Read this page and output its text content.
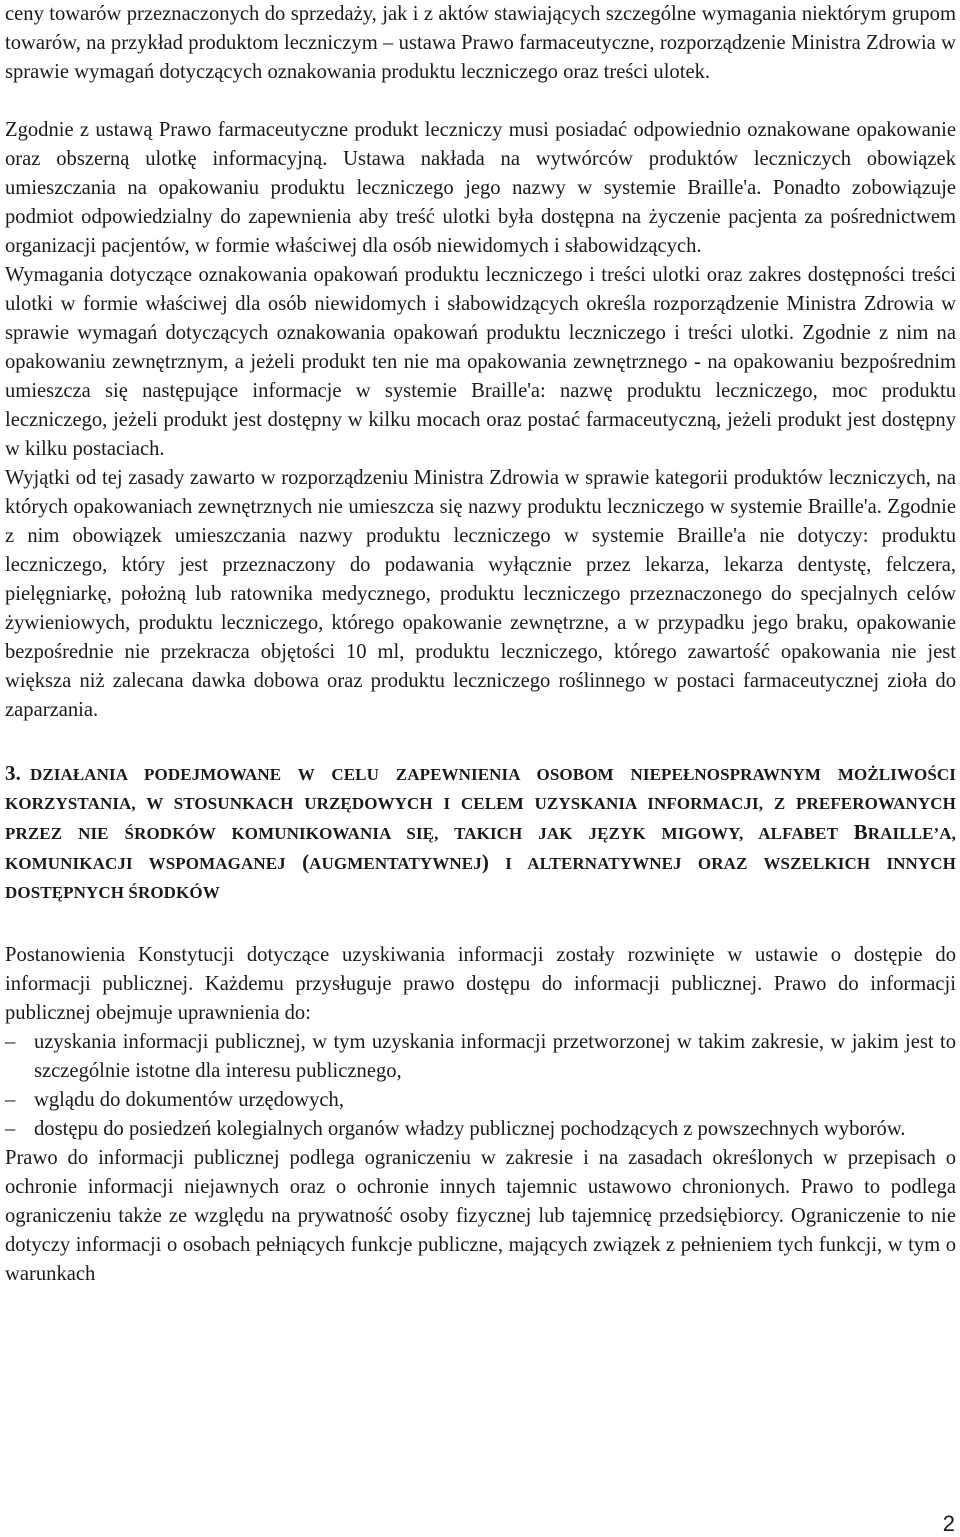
ceny towarów przeznaczonych do sprzedaży, jak i z aktów stawiających szczególne wymagania niektórym grupom towarów, na przykład produktom leczniczym – ustawa Prawo farmaceutyczne, rozporządzenie Ministra Zdrowia w sprawie wymagań dotyczących oznakowania produktu leczniczego oraz treści ulotek.

Zgodnie z ustawą Prawo farmaceutyczne produkt leczniczy musi posiadać odpowiednio oznakowane opakowanie oraz obszerną ulotkę informacyjną. Ustawa nakłada na wytwórców produktów leczniczych obowiązek umieszczania na opakowaniu produktu leczniczego jego nazwy w systemie Braille'a. Ponadto zobowiązuje podmiot odpowiedzialny do zapewnienia aby treść ulotki była dostępna na życzenie pacjenta za pośrednictwem organizacji pacjentów, w formie właściwej dla osób niewidomych i słabowidzących.

Wymagania dotyczące oznakowania opakowań produktu leczniczego i treści ulotki oraz zakres dostępności treści ulotki w formie właściwej dla osób niewidomych i słabowidzących określa rozporządzenie Ministra Zdrowia w sprawie wymagań dotyczących oznakowania opakowań produktu leczniczego i treści ulotki. Zgodnie z nim na opakowaniu zewnętrznym, a jeżeli produkt ten nie ma opakowania zewnętrznego - na opakowaniu bezpośrednim umieszcza się następujące informacje w systemie Braille'a: nazwę produktu leczniczego, moc produktu leczniczego, jeżeli produkt jest dostępny w kilku mocach oraz postać farmaceutyczną, jeżeli produkt jest dostępny w kilku postaciach.

Wyjątki od tej zasady zawarto w rozporządzeniu Ministra Zdrowia w sprawie kategorii produktów leczniczych, na których opakowaniach zewnętrznych nie umieszcza się nazwy produktu leczniczego w systemie Braille'a. Zgodnie z nim obowiązek umieszczania nazwy produktu leczniczego w systemie Braille'a nie dotyczy: produktu leczniczego, który jest przeznaczony do podawania wyłącznie przez lekarza, lekarza dentystę, felczera, pielęgniarkę, położną lub ratownika medycznego, produktu leczniczego przeznaczonego do specjalnych celów żywieniowych, produktu leczniczego, którego opakowanie zewnętrzne, a w przypadku jego braku, opakowanie bezpośrednie nie przekracza objętości 10 ml, produktu leczniczego, którego zawartość opakowania nie jest większa niż zalecana dawka dobowa oraz produktu leczniczego roślinnego w postaci farmaceutycznej zioła do zaparzania.

3. DZIAŁANIA PODEJMOWANE W CELU ZAPEWNIENIA OSOBOM NIEPEŁNOSPRAWNYM MOŻLIWOŚCI KORZYSTANIA, W STOSUNKACH URZĘDOWYCH I CELEM UZYSKANIA INFORMACJI, Z PREFEROWANYCH PRZEZ NIE ŚRODKÓW KOMUNIKOWANIA SIĘ, TAKICH JAK JĘZYK MIGOWY, ALFABET BRAILLE’A, KOMUNIKACJI WSPOMAGANEJ (AUGMENTATYWNEJ) I ALTERNATYWNEJ ORAZ WSZELKICH INNYCH DOSTĘPNYCH ŚRODKÓW

Postanowienia Konstytucji dotyczące uzyskiwania informacji zostały rozwinięte w ustawie o dostępie do informacji publicznej. Każdemu przysługuje prawo dostępu do informacji publicznej. Prawo do informacji publicznej obejmuje uprawnienia do:

– uzyskania informacji publicznej, w tym uzyskania informacji przetworzonej w takim zakresie, w jakim jest to szczególnie istotne dla interesu publicznego,
– wglądu do dokumentów urzędowych,
– dostępu do posiedzeń kolegialnych organów władzy publicznej pochodzących z powszechnych wyborów.

Prawo do informacji publicznej podlega ograniczeniu w zakresie i na zasadach określonych w przepisach o ochronie informacji niejawnych oraz o ochronie innych tajemnic ustawowo chronionych. Prawo to podlega ograniczeniu także ze względu na prywatność osoby fizycznej lub tajemnicę przedsiębiorcy. Ograniczenie to nie dotyczy informacji o osobach pełniących funkcje publiczne, mających związek z pełnieniem tych funkcji, w tym o warunkach

2
